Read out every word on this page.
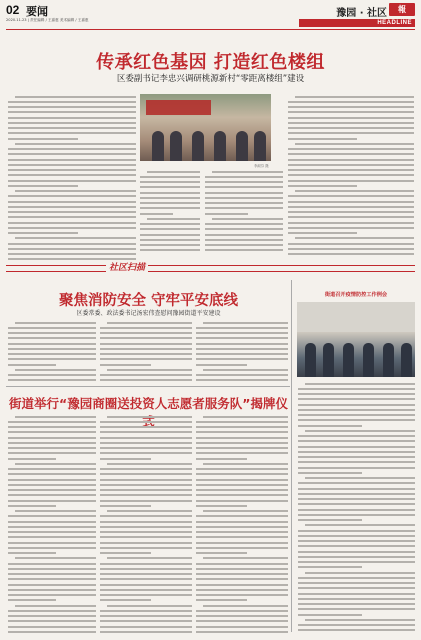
02 要闻
2020.11.23 | 责任编辑 / 王嘉惠 美术编辑 / 王嘉惠
豫园 · 社区	報
HEADLINE
传承红色基因 打造红色楼组
区委副书记李忠兴调研桃源新村“零距离楼组”建设
李淑芬 摄
社区扫描
聚焦消防安全 守牢平安底线
区委常委、政法委书记汤宏伟查慰问豫园街道平安建设
街道召开疫情防控工作例会
街道举行“豫园商圈送投资人志愿者服务队”揭牌仪式
